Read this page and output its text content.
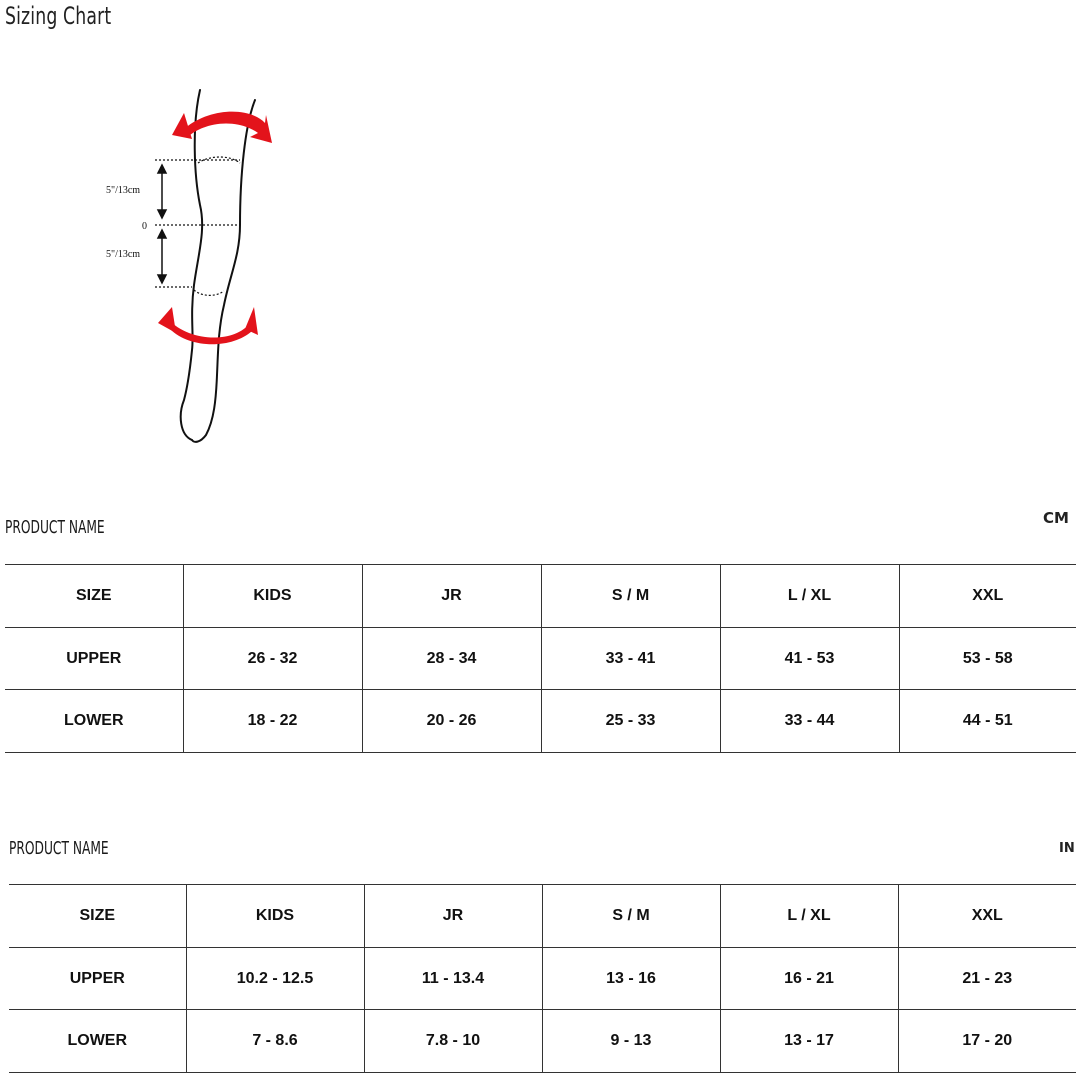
Sizing Chart
5"/13cm
0
5"/13cm
PRODUCT NAME	CM
SIZE	KIDS	JR	S / M	L / XL	XXL
UPPER	26 - 32	28 - 34	33 - 41	41 - 53	53 - 58
LOWER	18 - 22	20 - 26	25 - 33	33 - 44	44 - 51
PRODUCT NAME	IN
SIZE	KIDS	JR	S / M	L / XL	XXL
UPPER	10.2 - 12.5	11 - 13.4	13 - 16	16 - 21	21 - 23
LOWER	7 - 8.6	7.8 - 10	9 - 13	13 - 17	17 - 20
